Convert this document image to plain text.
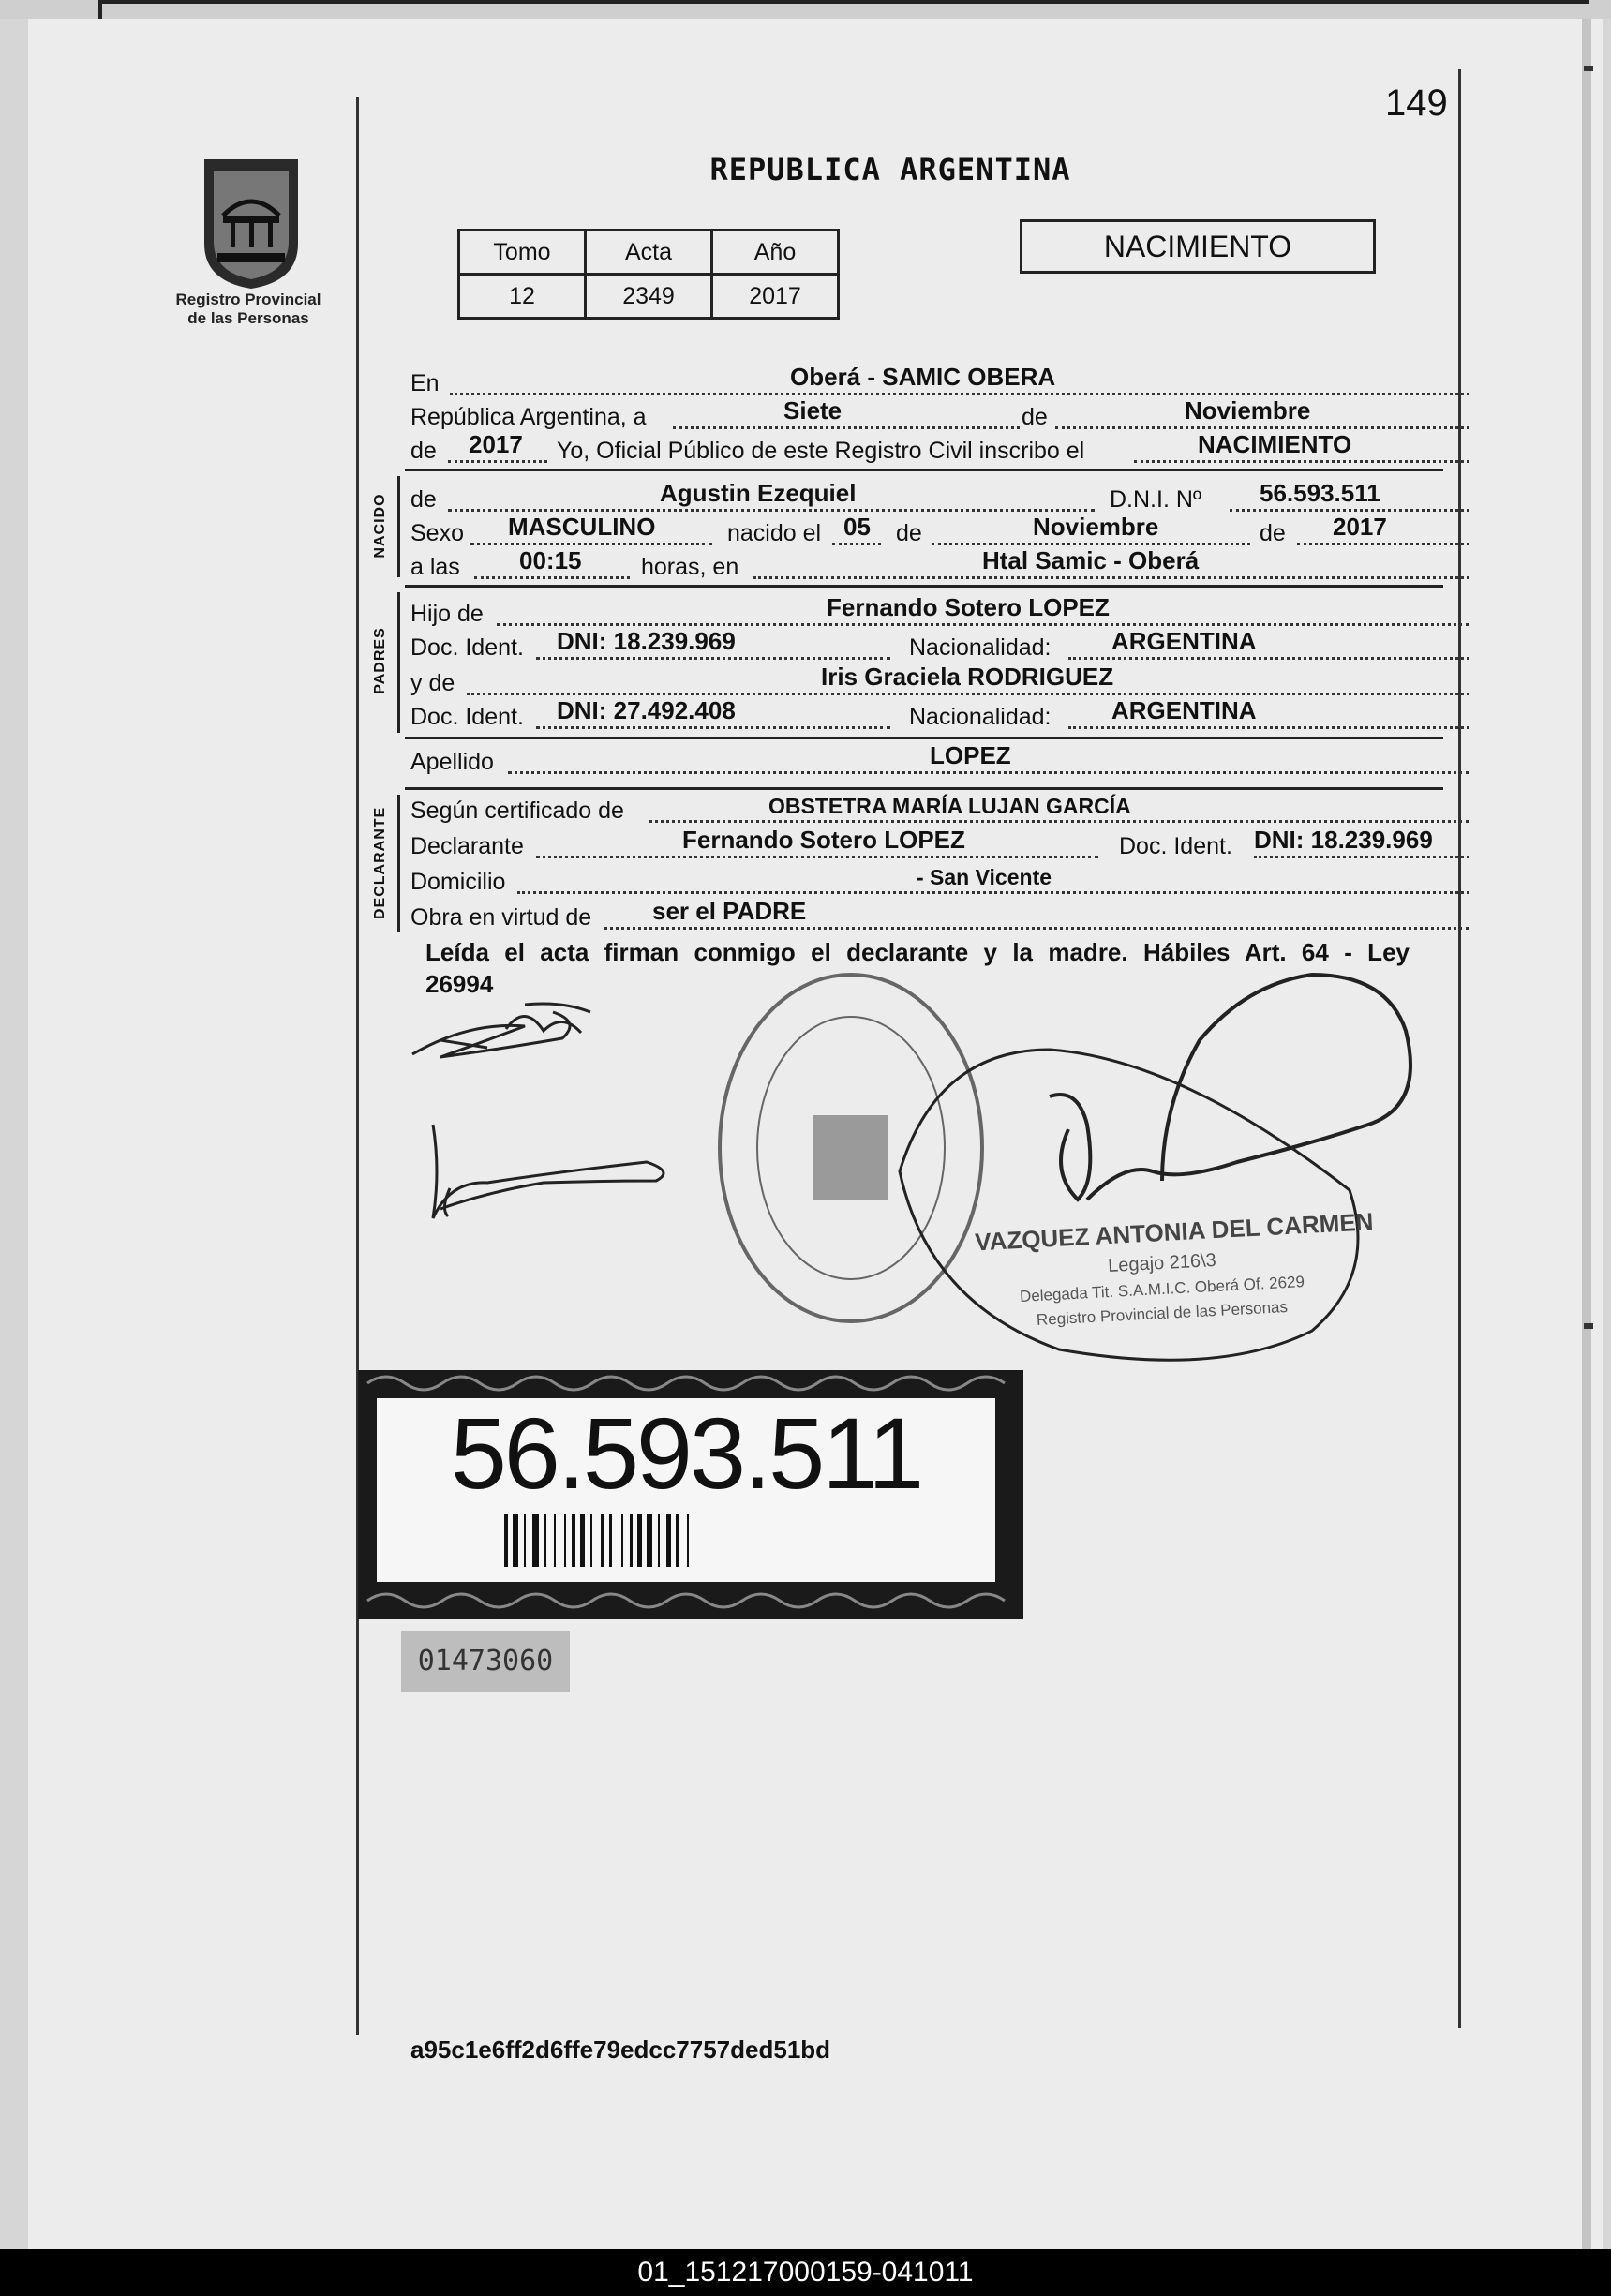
149
Registro Provincial
de las Personas
REPUBLICA ARGENTINA
Tomo	Acta	Año
12	2349	2017
NACIMIENTO
En	Oberá - SAMIC OBERA
República Argentina, a	Siete	de	Noviembre
de 2017 Yo, Oficial Público de este Registro Civil inscribo el	NACIMIENTO
NACIDO de	Agustin Ezequiel	D.N.I. Nº 56.593.511
Sexo MASCULINO	nacido el 05 de	Noviembre	de 2017
a las 00:15	horas, en	Htal Samic - Oberá
PADRES
Hijo de	Fernando Sotero LOPEZ
Doc. Ident. DNI: 18.239.969	Nacionalidad: ARGENTINA
y de	Iris Graciela RODRIGUEZ
Doc. Ident. DNI: 27.492.408	Nacionalidad: ARGENTINA
Apellido	LOPEZ
DECLARANTE Según certificado de	OBSTETRA MARÍA LUJAN GARCÍA
Declarante	Fernando Sotero LOPEZ	Doc. Ident. DNI: 18.239.969
Domicilio	- San Vicente
Obra en virtud de ser el PADRE
Leída el acta firman conmigo el declarante y la madre. Hábiles Art. 64 - Ley
26994
VAZQUEZ ANTONIA DEL CARMEN
Legajo 216\3
Delegada Tit. S.A.M.I.C. Oberá Of. 2629
Registro Provincial de las Personas
56.593.511
01473060
a95c1e6ff2d6ffe79edcc7757ded51bd
01_151217000159-041011
